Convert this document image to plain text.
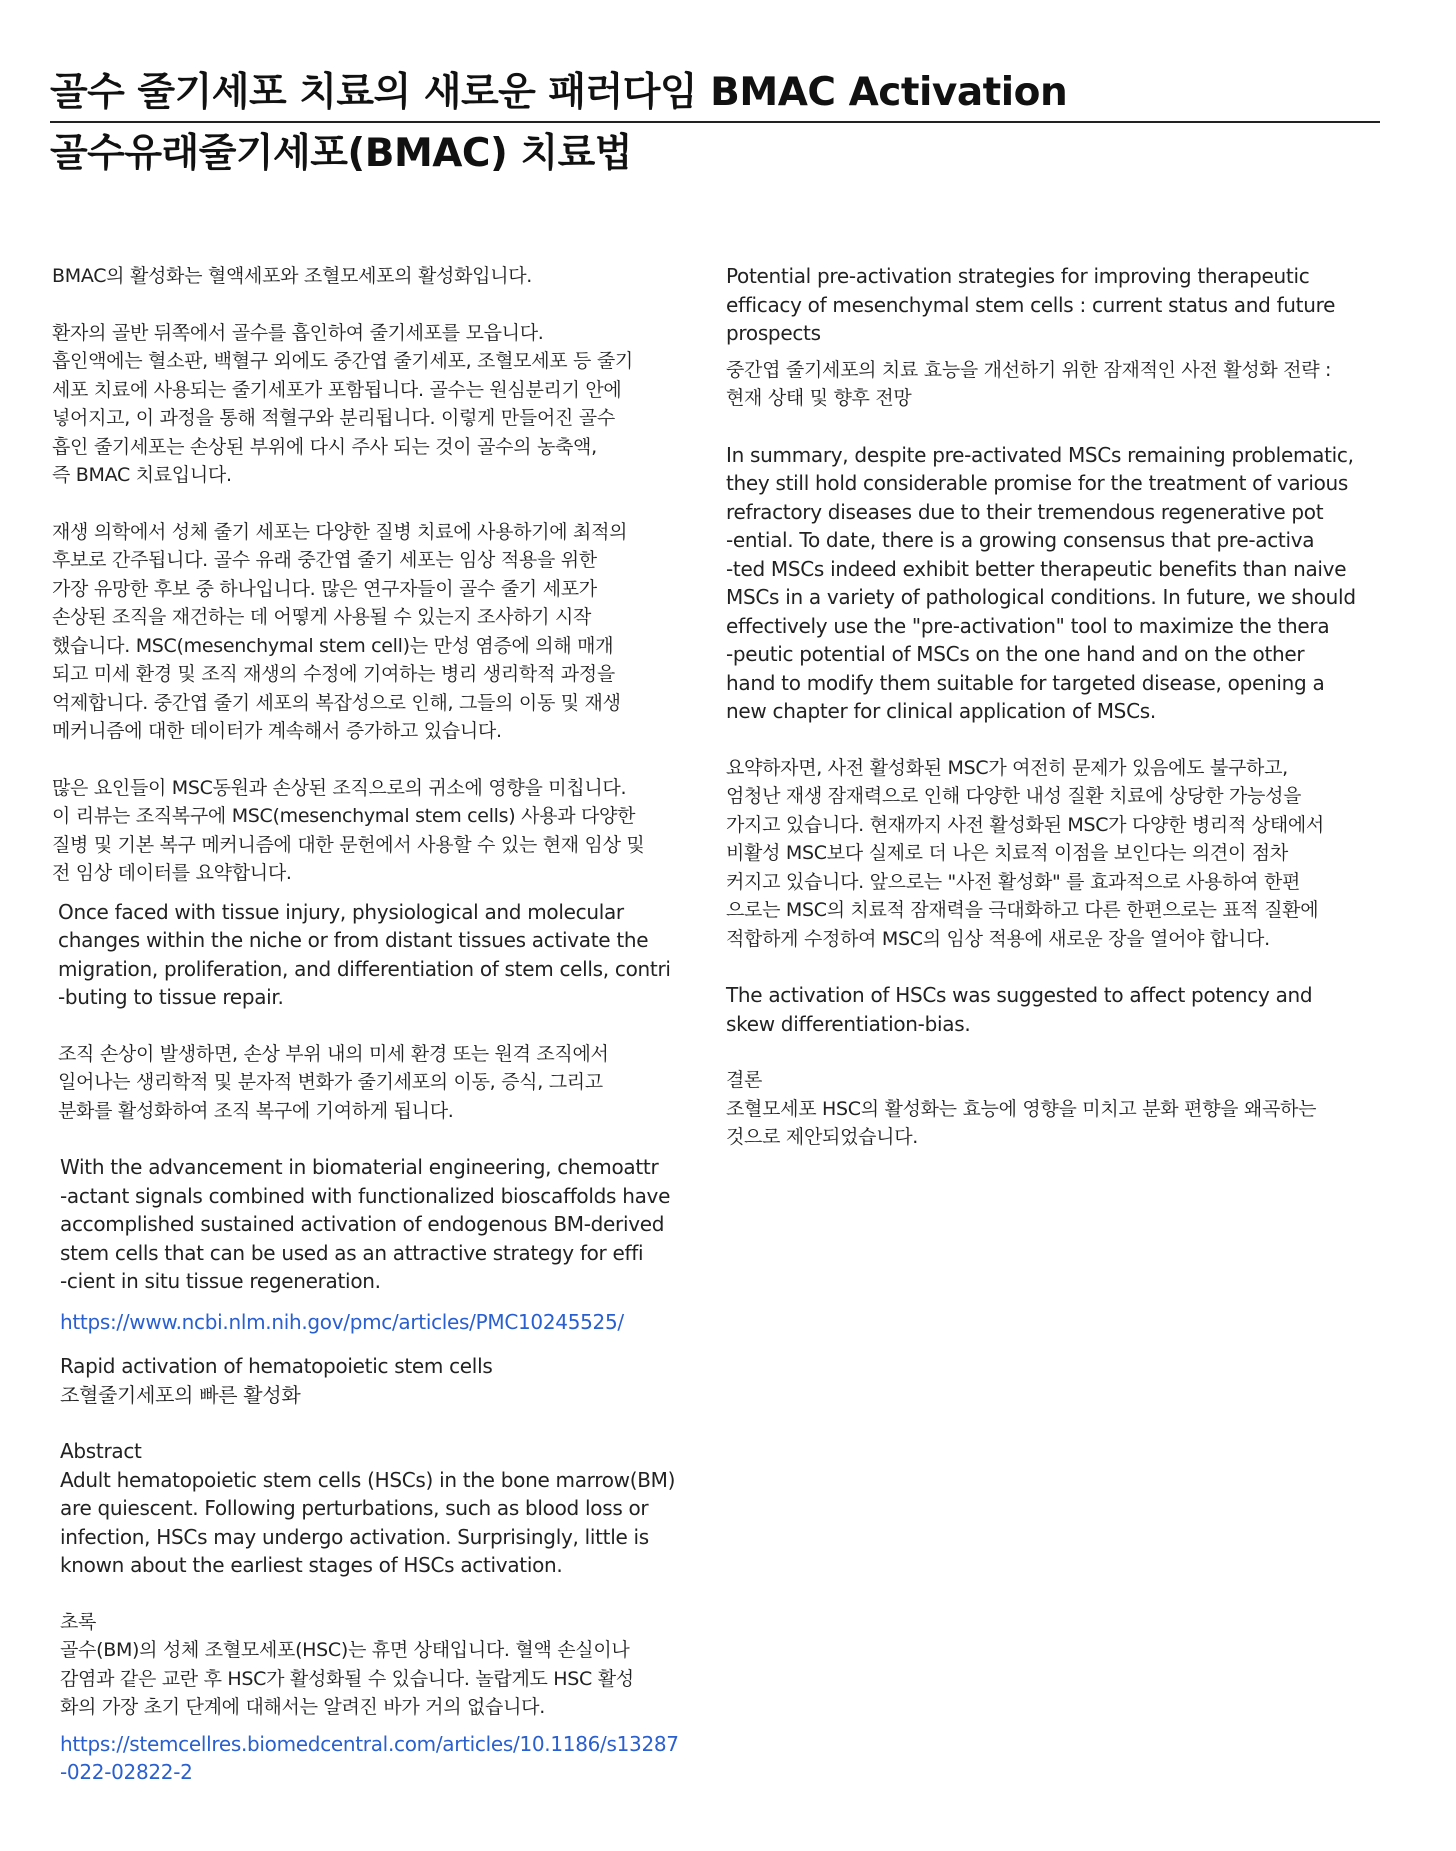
골수 줄기세포 치료의 새로운 패러다임 BMAC Activation
골수유래줄기세포(BMAC) 치료법

BMAC의 활성화는 혈액세포와 조혈모세포의 활성화입니다.

환자의 골반 뒤쪽에서 골수를 흡인하여 줄기세포를 모읍니다.
흡인액에는 혈소판, 백혈구 외에도 중간엽 줄기세포, 조혈모세포 등 줄기
세포 치료에 사용되는 줄기세포가 포함됩니다. 골수는 원심분리기 안에
넣어지고, 이 과정을 통해 적혈구와 분리됩니다. 이렇게 만들어진 골수
흡인 줄기세포는 손상된 부위에 다시 주사 되는 것이 골수의 농축액,
즉 BMAC 치료입니다.

재생 의학에서 성체 줄기 세포는 다양한 질병 치료에 사용하기에 최적의
후보로 간주됩니다. 골수 유래 중간엽 줄기 세포는 임상 적용을 위한
가장 유망한 후보 중 하나입니다. 많은 연구자들이 골수 줄기 세포가
손상된 조직을 재건하는 데 어떻게 사용될 수 있는지 조사하기 시작
했습니다. MSC(mesenchymal stem cell)는 만성 염증에 의해 매개
되고 미세 환경 및 조직 재생의 수정에 기여하는 병리 생리학적 과정을
억제합니다. 중간엽 줄기 세포의 복잡성으로 인해, 그들의 이동 및 재생
메커니즘에 대한 데이터가 계속해서 증가하고 있습니다.

많은 요인들이 MSC동원과 손상된 조직으로의 귀소에 영향을 미칩니다.
이 리뷰는 조직복구에 MSC(mesenchymal stem cells) 사용과 다양한
질병 및 기본 복구 메커니즘에 대한 문헌에서 사용할 수 있는 현재 임상 및
전 임상 데이터를 요약합니다.

Once faced with tissue injury, physiological and molecular
changes within the niche or from distant tissues activate the
migration, proliferation, and differentiation of stem cells, contri
-buting to tissue repair.

조직 손상이 발생하면, 손상 부위 내의 미세 환경 또는 원격 조직에서
일어나는 생리학적 및 분자적 변화가 줄기세포의 이동, 증식, 그리고
분화를 활성화하여 조직 복구에 기여하게 됩니다.

With the advancement in biomaterial engineering, chemoattr
-actant signals combined with functionalized bioscaffolds have
accomplished sustained activation of endogenous BM-derived
stem cells that can be used as an attractive strategy for effi
-cient in situ tissue regeneration.

https://www.ncbi.nlm.nih.gov/pmc/articles/PMC10245525/

Rapid activation of hematopoietic stem cells
조혈줄기세포의 빠른 활성화

Abstract
Adult hematopoietic stem cells (HSCs) in the bone marrow(BM)
are quiescent. Following perturbations, such as blood loss or
infection, HSCs may undergo activation. Surprisingly, little is
known about the earliest stages of HSCs activation.

초록
골수(BM)의 성체 조혈모세포(HSC)는 휴면 상태입니다. 혈액 손실이나
감염과 같은 교란 후 HSC가 활성화될 수 있습니다. 놀랍게도 HSC 활성
화의 가장 초기 단계에 대해서는 알려진 바가 거의 없습니다.

https://stemcellres.biomedcentral.com/articles/10.1186/s13287
-022-02822-2

Potential pre-activation strategies for improving therapeutic
efficacy of mesenchymal stem cells : current status and future
prospects

중간엽 줄기세포의 치료 효능을 개선하기 위한 잠재적인 사전 활성화 전략 :
현재 상태 및 향후 전망

In summary, despite pre-activated MSCs remaining problematic,
they still hold considerable promise for the treatment of various
refractory diseases due to their tremendous regenerative pot
-ential. To date, there is a growing consensus that pre-activa
-ted MSCs indeed exhibit better therapeutic benefits than naive
MSCs in a variety of pathological conditions. In future, we should
effectively use the "pre-activation" tool to maximize the thera
-peutic potential of MSCs on the one hand and on the other
hand to modify them suitable for targeted disease, opening a
new chapter for clinical application of MSCs.

요약하자면, 사전 활성화된 MSC가 여전히 문제가 있음에도 불구하고,
엄청난 재생 잠재력으로 인해 다양한 내성 질환 치료에 상당한 가능성을
가지고 있습니다. 현재까지 사전 활성화된 MSC가 다양한 병리적 상태에서
비활성 MSC보다 실제로 더 나은 치료적 이점을 보인다는 의견이 점차
커지고 있습니다. 앞으로는 "사전 활성화" 를 효과적으로 사용하여 한편
으로는 MSC의 치료적 잠재력을 극대화하고 다른 한편으로는 표적 질환에
적합하게 수정하여 MSC의 임상 적용에 새로운 장을 열어야 합니다.

The activation of HSCs was suggested to affect potency and
skew differentiation-bias.

결론
조혈모세포 HSC의 활성화는 효능에 영향을 미치고 분화 편향을 왜곡하는
것으로 제안되었습니다.
